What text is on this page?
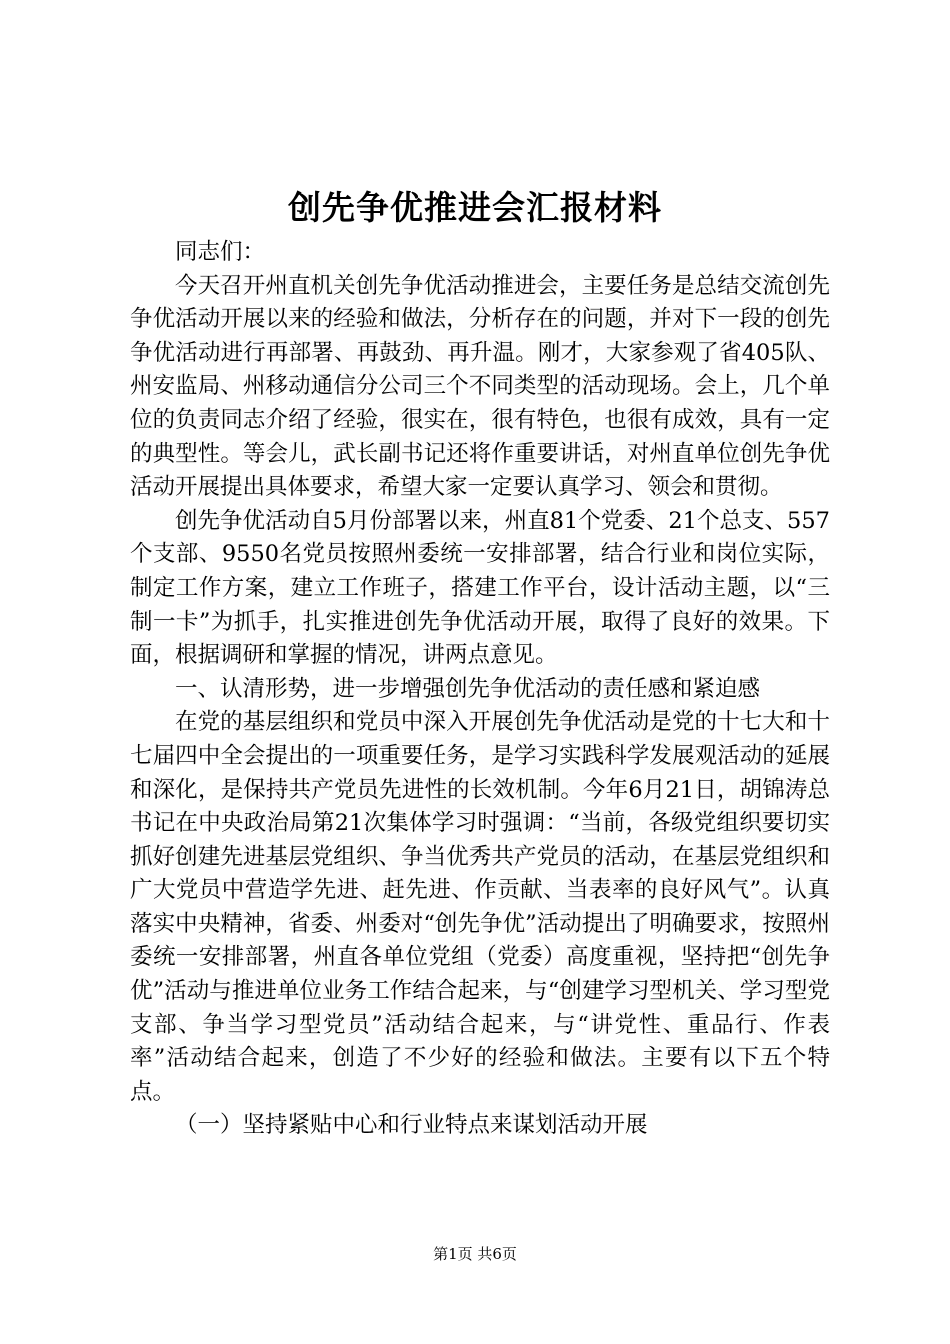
创先争优推进会汇报材料

同志们：

今天召开州直机关创先争优活动推进会，主要任务是总结交流创先争优活动开展以来的经验和做法，分析存在的问题，并对下一段的创先争优活动进行再部署、再鼓劲、再升温。刚才，大家参观了省405队、州安监局、州移动通信分公司三个不同类型的活动现场。会上，几个单位的负责同志介绍了经验，很实在，很有特色，也很有成效，具有一定的典型性。等会儿，武长副书记还将作重要讲话，对州直单位创先争优活动开展提出具体要求，希望大家一定要认真学习、领会和贯彻。

创先争优活动自5月份部署以来，州直81个党委、21个总支、557个支部、9550名党员按照州委统一安排部署，结合行业和岗位实际，制定工作方案，建立工作班子，搭建工作平台，设计活动主题，以“三制一卡”为抓手，扎实推进创先争优活动开展，取得了良好的效果。下面，根据调研和掌握的情况，讲两点意见。

一、认清形势，进一步增强创先争优活动的责任感和紧迫感

在党的基层组织和党员中深入开展创先争优活动是党的十七大和十七届四中全会提出的一项重要任务，是学习实践科学发展观活动的延展和深化，是保持共产党员先进性的长效机制。今年6月21日，胡锦涛总书记在中央政治局第21次集体学习时强调：“当前，各级党组织要切实抓好创建先进基层党组织、争当优秀共产党员的活动，在基层党组织和广大党员中营造学先进、赶先进、作贡献、当表率的良好风气”。认真落实中央精神，省委、州委对“创先争优”活动提出了明确要求，按照州委统一安排部署，州直各单位党组（党委）高度重视，坚持把“创先争优”活动与推进单位业务工作结合起来，与“创建学习型机关、学习型党支部、争当学习型党员”活动结合起来，与“讲党性、重品行、作表率”活动结合起来，创造了不少好的经验和做法。主要有以下五个特点。

（一）坚持紧贴中心和行业特点来谋划活动开展

第1页 共6页
